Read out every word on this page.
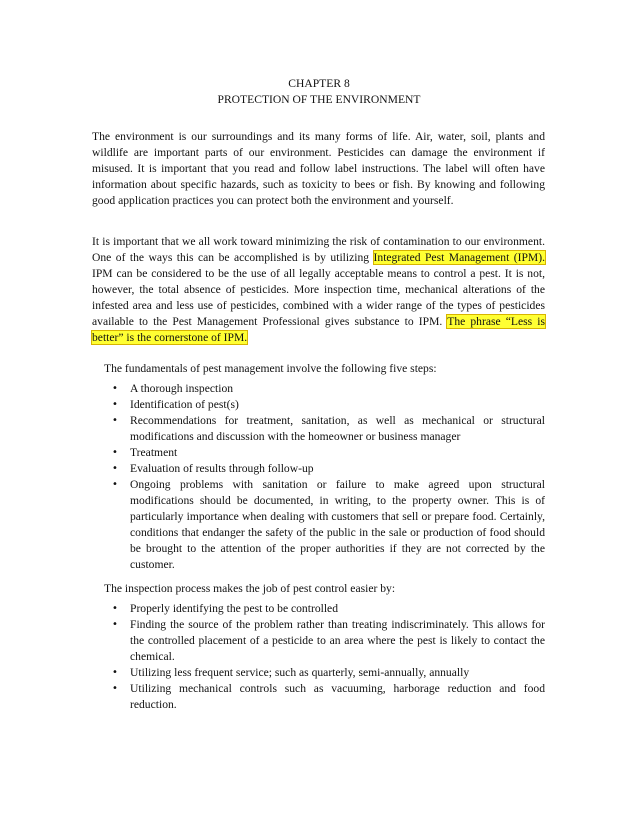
CHAPTER 8
PROTECTION OF THE ENVIRONMENT

The environment is our surroundings and its many forms of life. Air, water, soil, plants and wildlife are important parts of our environment. Pesticides can damage the environment if misused. It is important that you read and follow label instructions. The label will often have information about specific hazards, such as toxicity to bees or fish. By knowing and following good application practices you can protect both the environment and yourself.

It is important that we all work toward minimizing the risk of contamination to our environment. One of the ways this can be accomplished is by utilizing Integrated Pest Management (IPM). IPM can be considered to be the use of all legally acceptable means to control a pest. It is not, however, the total absence of pesticides. More inspection time, mechanical alterations of the infested area and less use of pesticides, combined with a wider range of the types of pesticides available to the Pest Management Professional gives substance to IPM. The phrase “Less is better” is the cornerstone of IPM.

The fundamentals of pest management involve the following five steps:
•	A thorough inspection
•	Identification of pest(s)
•	Recommendations for treatment, sanitation, as well as mechanical or structural modifications and discussion with the homeowner or business manager
•	Treatment
•	Evaluation of results through follow-up
•	Ongoing problems with sanitation or failure to make agreed upon structural modifications should be documented, in writing, to the property owner. This is of particularly importance when dealing with customers that sell or prepare food. Certainly, conditions that endanger the safety of the public in the sale or production of food should be brought to the attention of the proper authorities if they are not corrected by the customer.
The inspection process makes the job of pest control easier by:
•	Properly identifying the pest to be controlled
•	Finding the source of the problem rather than treating indiscriminately. This allows for the controlled placement of a pesticide to an area where the pest is likely to contact the chemical.
•	Utilizing less frequent service; such as quarterly, semi-annually, annually
•	Utilizing mechanical controls such as vacuuming, harborage reduction and food reduction.
